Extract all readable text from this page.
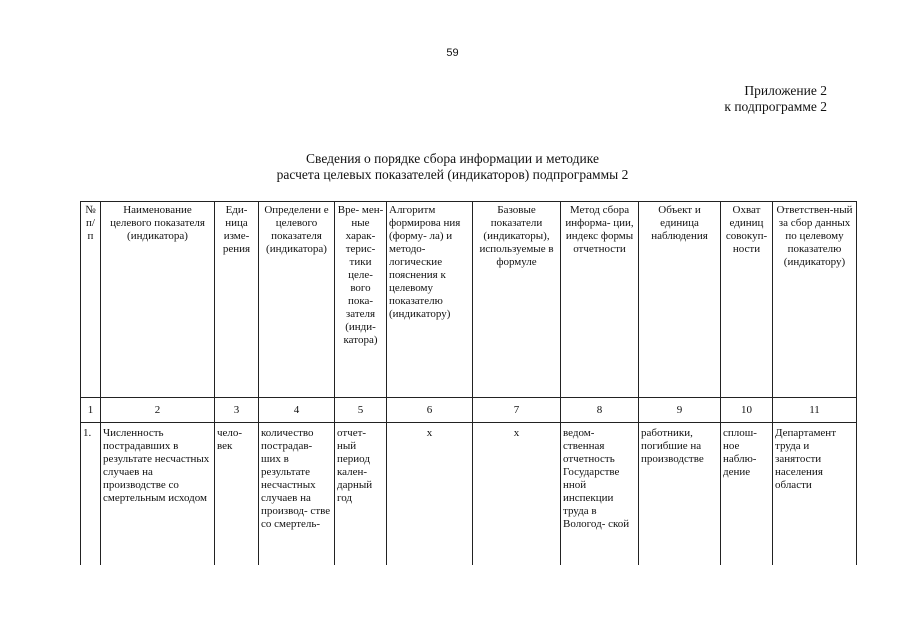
59
Приложение 2
к подпрограмме 2
Сведения о порядке сбора информации и методике
расчета целевых показателей (индикаторов) подпрограммы 2
№ п/ п	Наименование целевого показателя (индикатора)	Еди- ница изме- рения	Определени е целевого показателя (индикатора)	Вре- мен- ные харак- терис- тики целе- вого пока- зателя (инди- катора)	Алгоритм формирова ния (форму- ла) и методо- логические пояснения к целевому показателю (индикатору)	Базовые показатели (индикаторы), используемые в формуле	Метод сбора информа- ции, индекс формы отчетности	Объект и единица наблюдения	Охват единиц совокуп- ности	Ответствен-ный за сбор данных по целевому показателю (индикатору)
1	2	3	4	5	6	7	8	9	10	11
1.	Численность пострадавших в результате несчастных случаев на производстве со смертельным исходом	чело- век	количество пострадав- ших в результате несчастных случаев на производ- стве со смертель-	отчет- ный период кален- дарный год	х	х	ведом- ственная отчетность Государстве нной инспекции труда в Вологод- ской	работники, погибшие на производстве	сплош- ное наблю- дение	Департамент труда и занятости населения области
